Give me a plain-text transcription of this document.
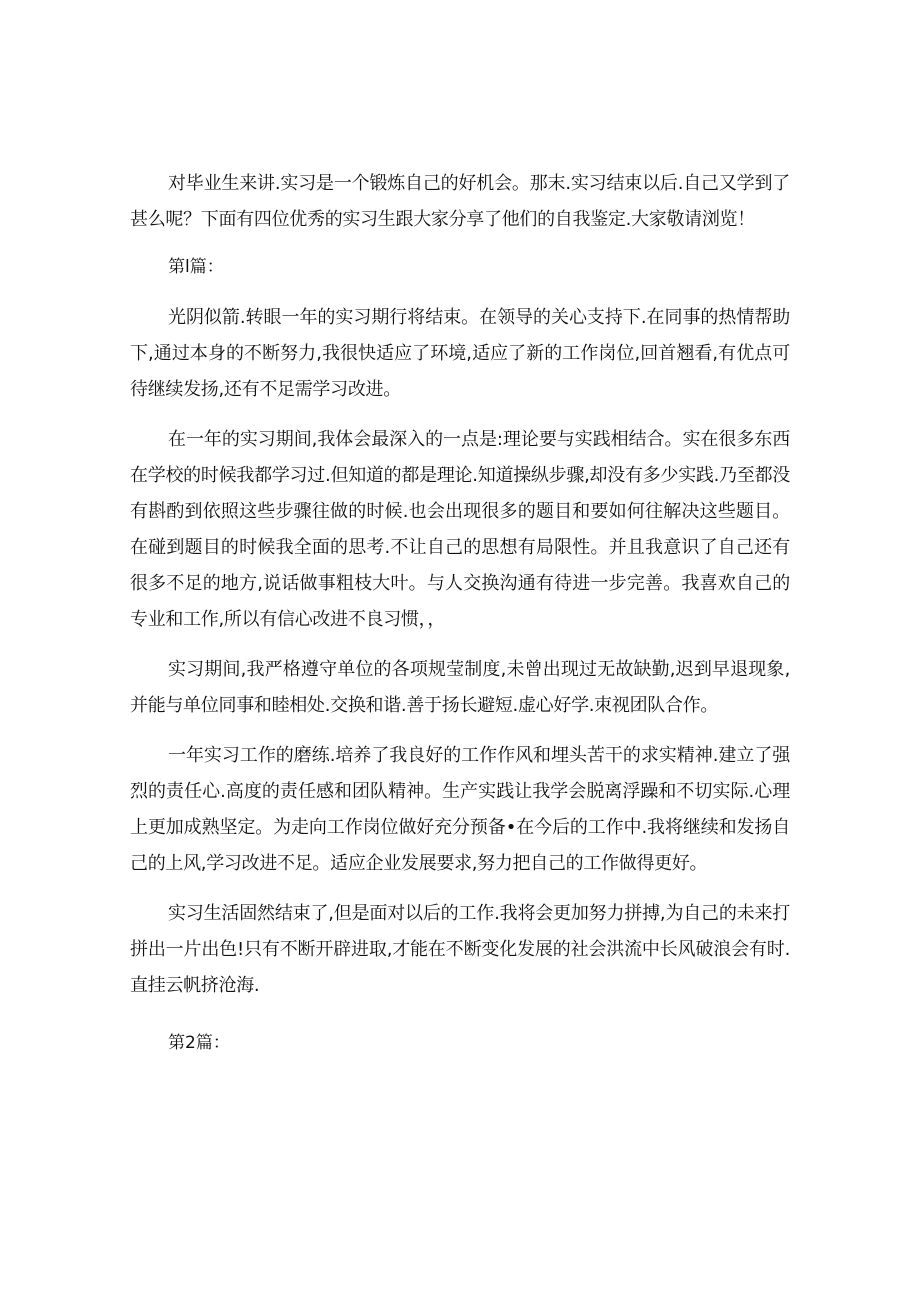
对毕业生来讲.实习是一个锻炼自己的好机会。那末.实习结束以后.自己又学到了甚么呢？下面有四位优秀的实习生跟大家分享了他们的自我鉴定.大家敬请浏览！

第l篇：

光阴似箭.转眼一年的实习期行将结束。在领导的关心支持下.在同事的热情帮助下,通过本身的不断努力,我很快适应了环境,适应了新的工作岗位,回首翘看,有优点可待继续发扬,还有不足需学习改进。

在一年的实习期间,我体会最深入的一点是:理论要与实践相结合。实在很多东西在学校的时候我都学习过.但知道的都是理论.知道操纵步骤,却没有多少实践.乃至都没有斟酌到依照这些步骤往做的时候.也会出现很多的题目和要如何往解决这些题目。在碰到题目的时候我全面的思考.不让自己的思想有局限性。并且我意识了自己还有很多不足的地方,说话做事粗枝大叶。与人交换沟通有待进一步完善。我喜欢自己的专业和工作,所以有信心改进不良习惯，，

实习期间,我严格遵守单位的各项规莹制度,未曾出现过无故缺勤,迟到早退现象,并能与单位同事和睦相处.交换和谐.善于扬长避短.虚心好学.朿视团队合作。

一年实习工作的磨练.培养了我良好的工作作风和埋头苦干的求实精神.建立了强烈的责任心.高度的责任感和团队精神。生产实践让我学会脱离浮躁和不切实际.心理上更加成熟坚定。为走向工作岗位做好充分预备•在今后的工作中.我将继续和发扬自己的上风,学习改进不足。适应企业发展要求,努力把自己的工作做得更好。

实习生活固然结束了,但是面对以后的工作.我将会更加努力拼搏,为自己的未来打拼出一片出色!只有不断开辟进取,才能在不断变化发展的社会洪流中长风破浪会有时.直挂云帆挤沧海.

第2篇：
